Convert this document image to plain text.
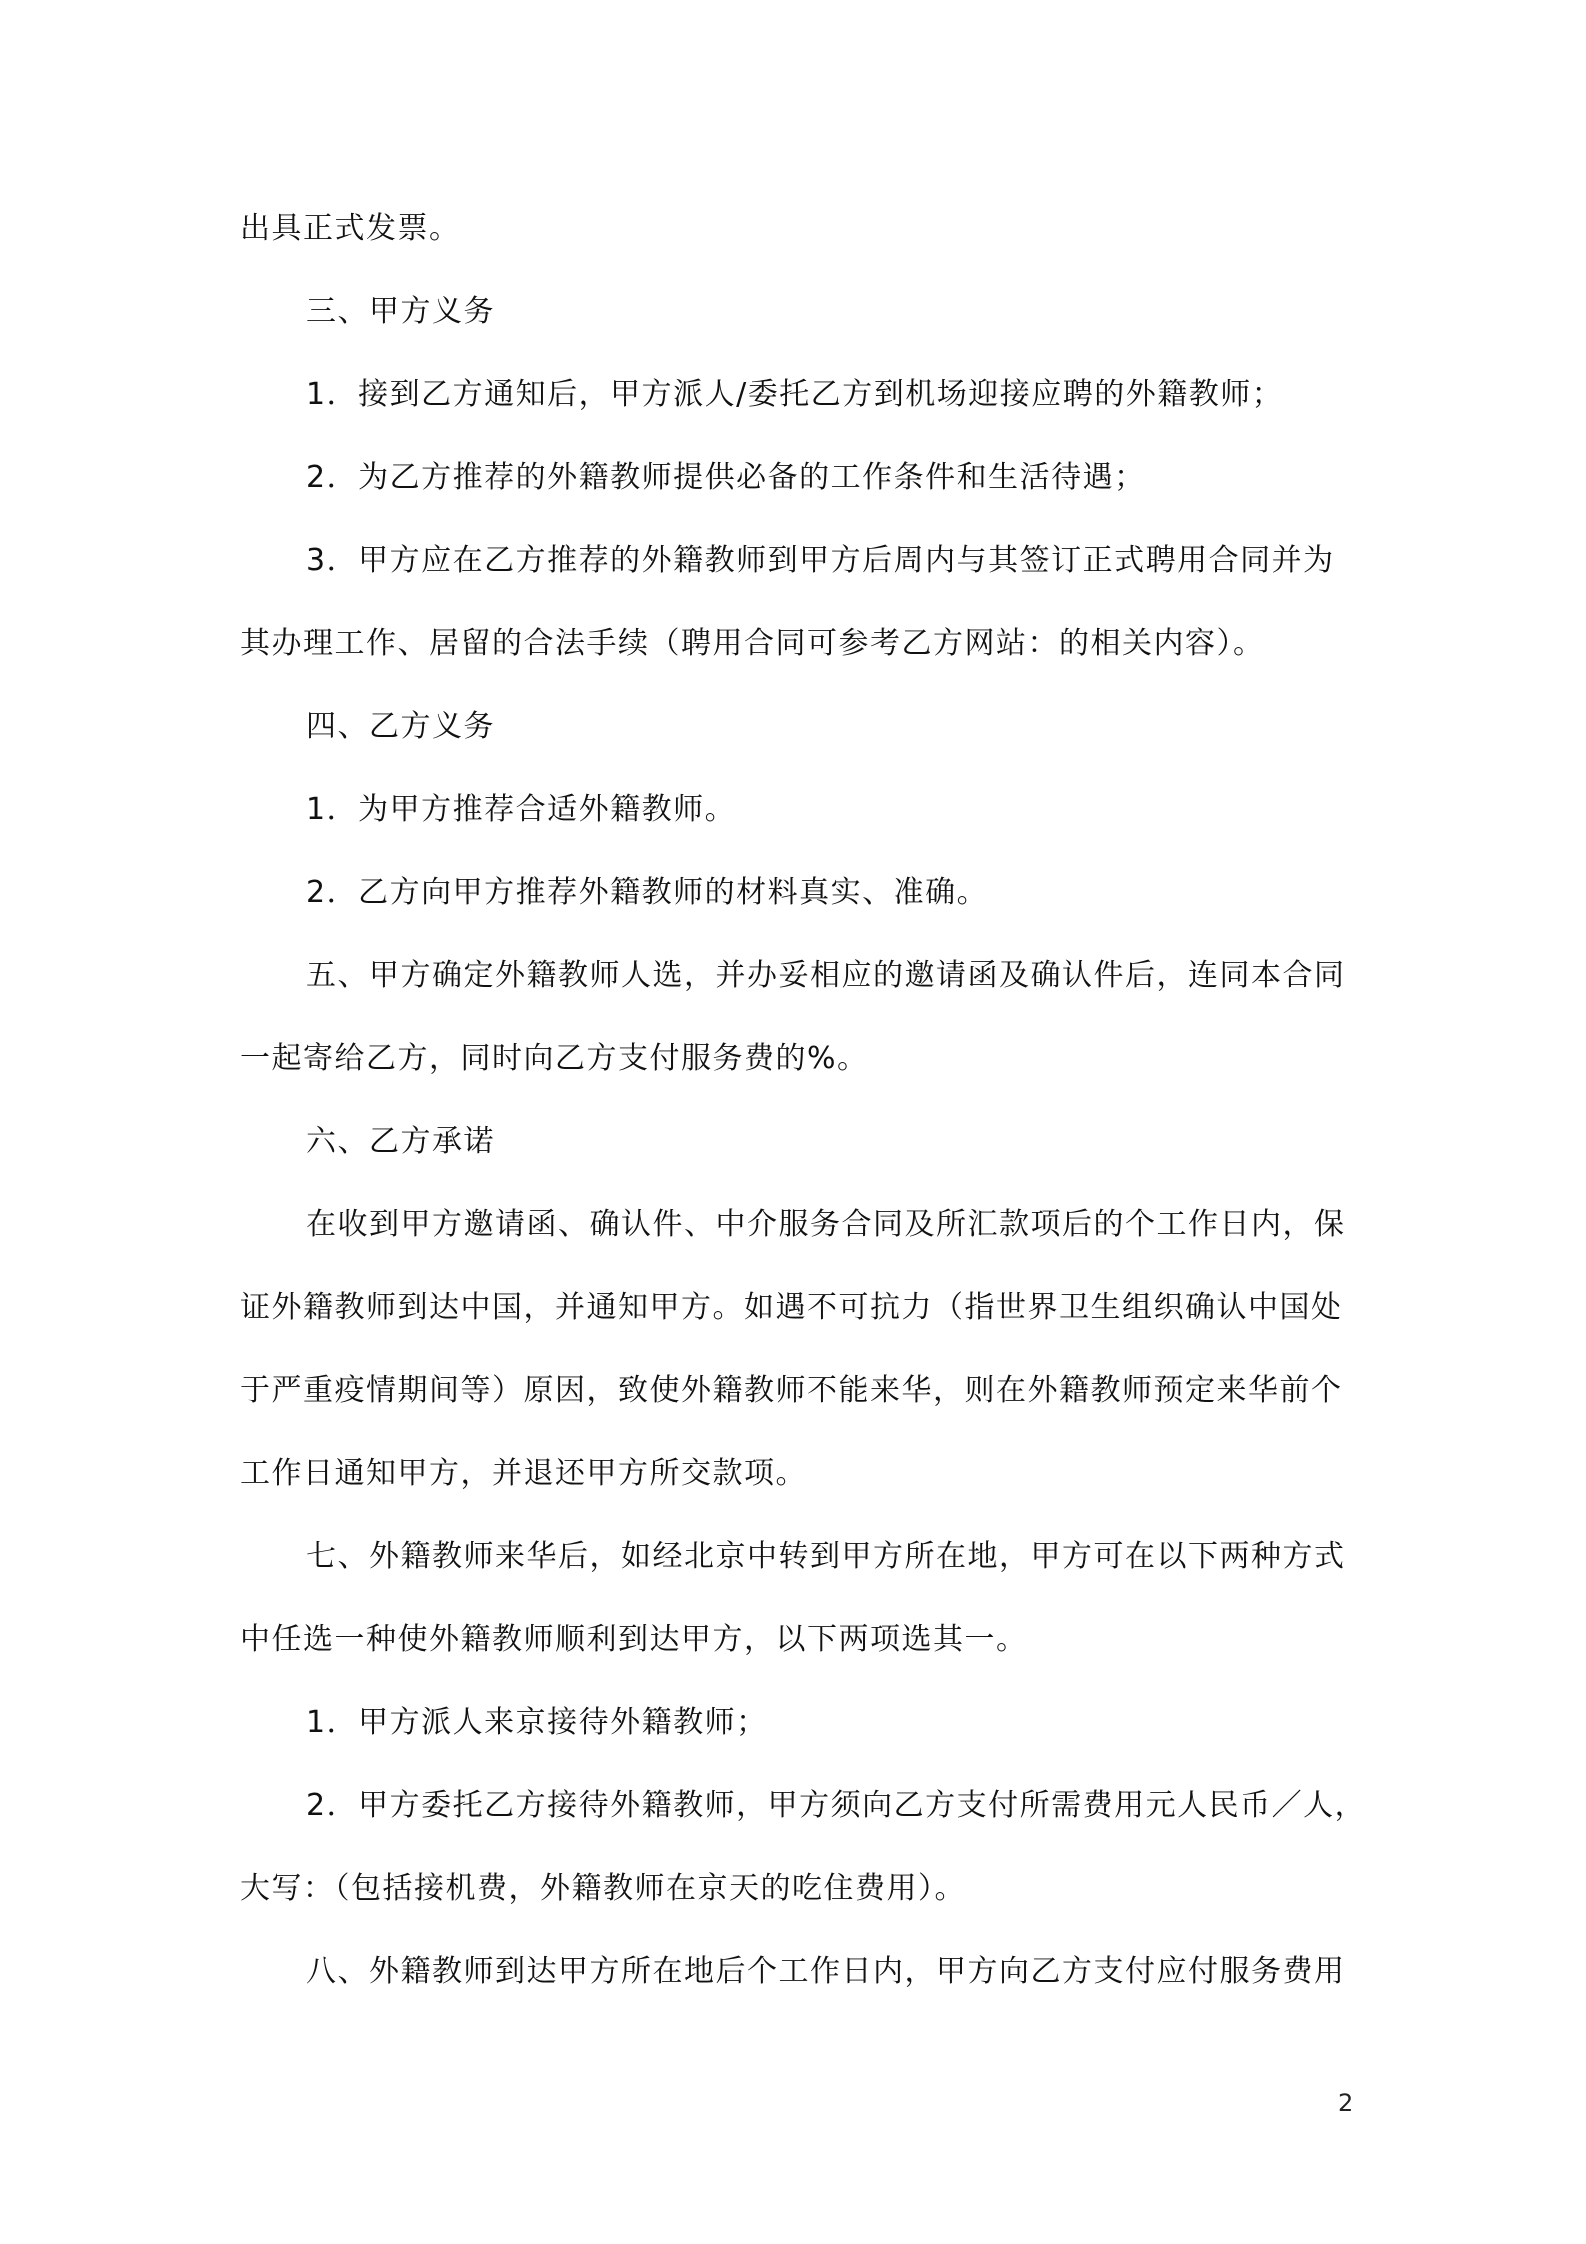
出具正式发票。
三、甲方义务
1．接到乙方通知后，甲方派人/委托乙方到机场迎接应聘的外籍教师；
2．为乙方推荐的外籍教师提供必备的工作条件和生活待遇；
3．甲方应在乙方推荐的外籍教师到甲方后周内与其签订正式聘用合同并为
其办理工作、居留的合法手续（聘用合同可参考乙方网站：的相关内容）。
四、乙方义务
1．为甲方推荐合适外籍教师。
2．乙方向甲方推荐外籍教师的材料真实、准确。
五、甲方确定外籍教师人选，并办妥相应的邀请函及确认件后，连同本合同
一起寄给乙方，同时向乙方支付服务费的%。
六、乙方承诺
在收到甲方邀请函、确认件、中介服务合同及所汇款项后的个工作日内，保
证外籍教师到达中国，并通知甲方。如遇不可抗力（指世界卫生组织确认中国处
于严重疫情期间等）原因，致使外籍教师不能来华，则在外籍教师预定来华前个
工作日通知甲方，并退还甲方所交款项。
七、外籍教师来华后，如经北京中转到甲方所在地，甲方可在以下两种方式
中任选一种使外籍教师顺利到达甲方，以下两项选其一。
1．甲方派人来京接待外籍教师；
2．甲方委托乙方接待外籍教师，甲方须向乙方支付所需费用元人民币／人，
大写：（包括接机费，外籍教师在京天的吃住费用）。
八、外籍教师到达甲方所在地后个工作日内，甲方向乙方支付应付服务费用
2
